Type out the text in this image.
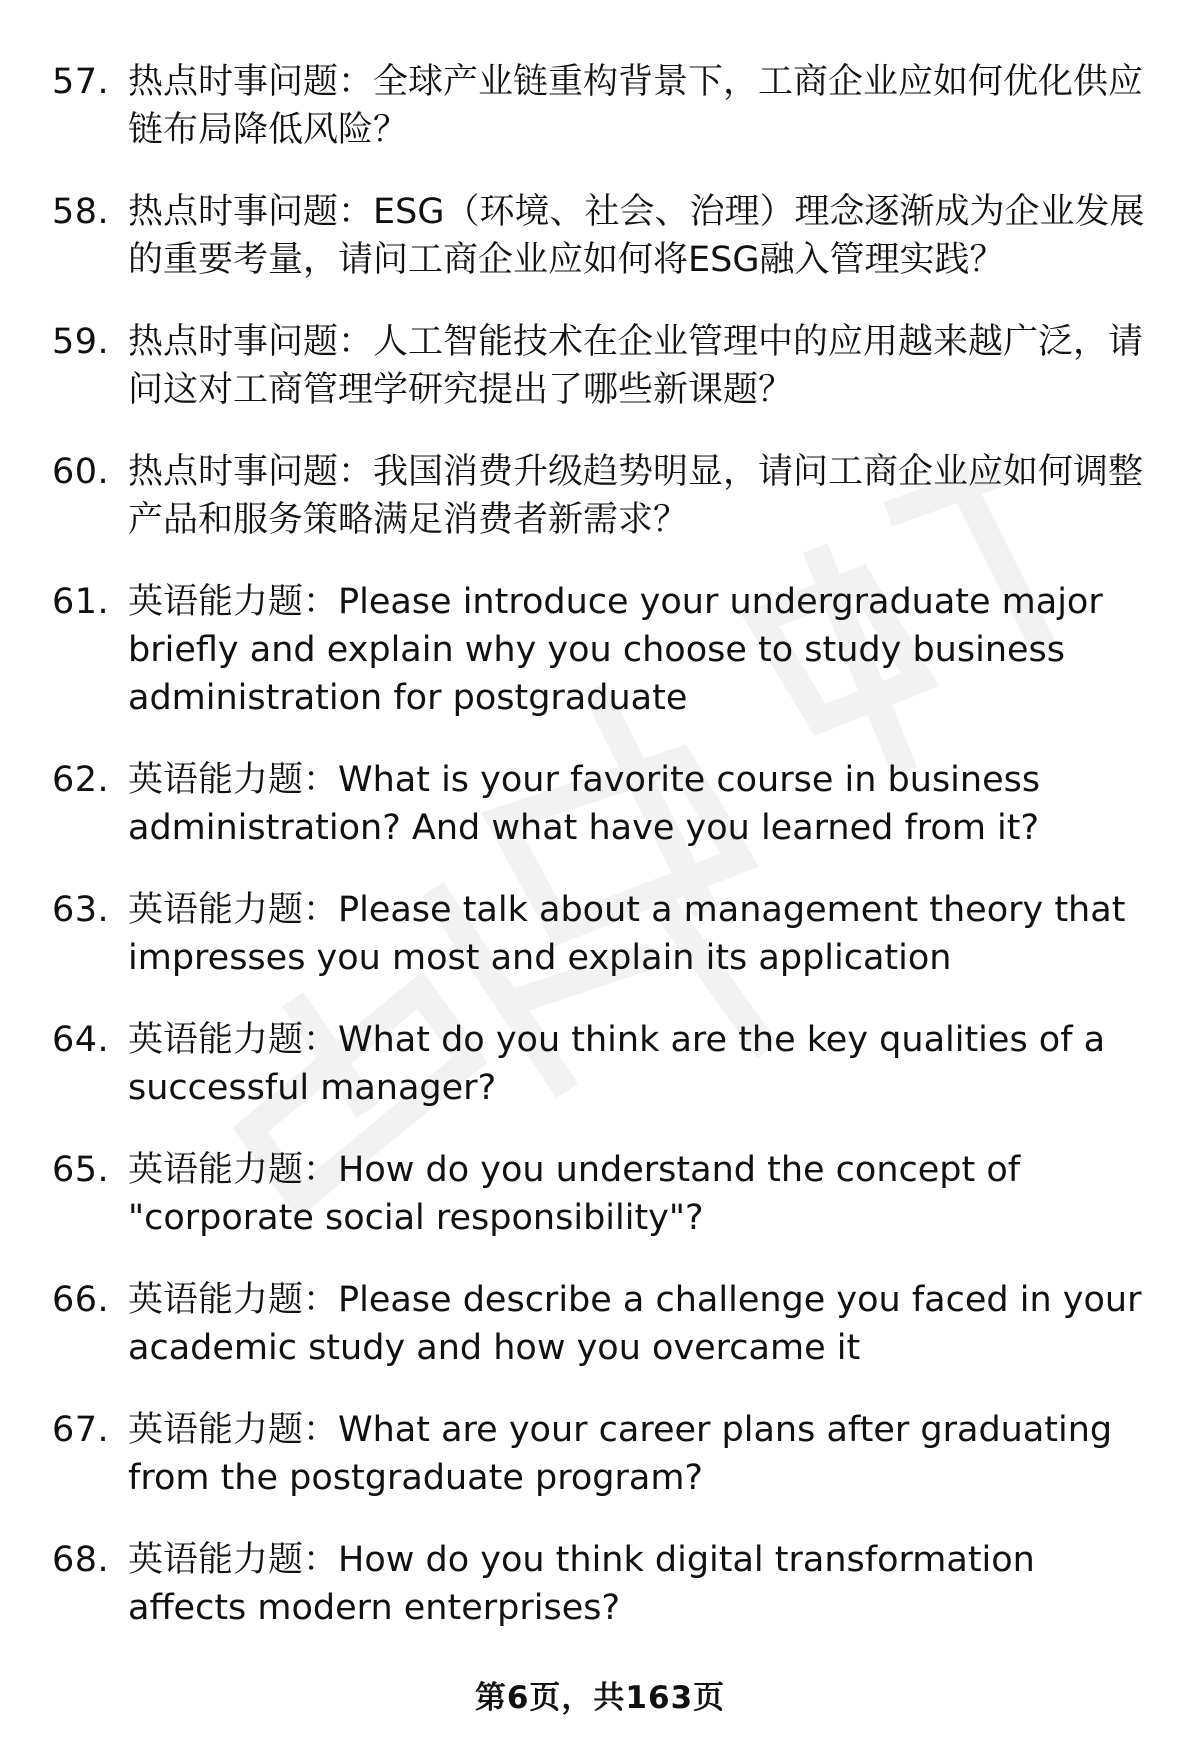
57. 热点时事问题：全球产业链重构背景下，工商企业应如何优化供应链布局降低风险？
58. 热点时事问题：ESG（环境、社会、治理）理念逐渐成为企业发展的重要考量，请问工商企业应如何将ESG融入管理实践？
59. 热点时事问题：人工智能技术在企业管理中的应用越来越广泛，请问这对工商管理学研究提出了哪些新课题？
60. 热点时事问题：我国消费升级趋势明显，请问工商企业应如何调整产品和服务策略满足消费者新需求？
61. 英语能力题：Please introduce your undergraduate major briefly and explain why you choose to study business administration for postgraduate
62. 英语能力题：What is your favorite course in business administration? And what have you learned from it?
63. 英语能力题：Please talk about a management theory that impresses you most and explain its application
64. 英语能力题：What do you think are the key qualities of a successful manager?
65. 英语能力题：How do you understand the concept of "corporate social responsibility"?
66. 英语能力题：Please describe a challenge you faced in your academic study and how you overcame it
67. 英语能力题：What are your career plans after graduating from the postgraduate program?
68. 英语能力题：How do you think digital transformation affects modern enterprises?
第6页，共163页
